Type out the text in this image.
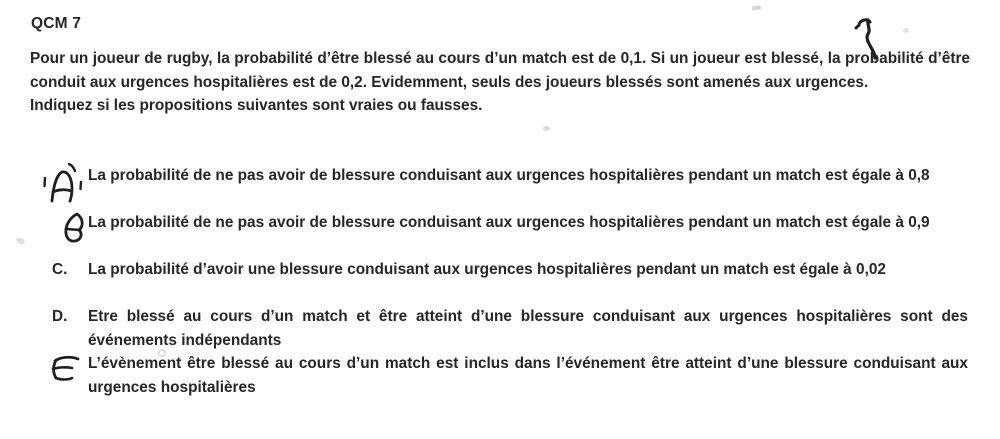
QCM 7

Pour un joueur de rugby, la probabilité d’être blessé au cours d’un match est de 0,1. Si un joueur est blessé, la probabilité d’être conduit aux urgences hospitalières est de 0,2. Evidemment, seuls des joueurs blessés sont amenés aux urgences.

Indiquez si les propositions suivantes sont vraies ou fausses.

La probabilité de ne pas avoir de blessure conduisant aux urgences hospitalières pendant un match est égale à 0,8
La probabilité de ne pas avoir de blessure conduisant aux urgences hospitalières pendant un match est égale à 0,9
C.	La probabilité d’avoir une blessure conduisant aux urgences hospitalières pendant un match est égale à 0,02
D.	Etre blessé au cours d’un match et être atteint d’une blessure conduisant aux urgences hospitalières sont des événements indépendants
L’évènement être blessé au cours d’un match est inclus dans l’événement être atteint d’une blessure conduisant aux urgences hospitalières
